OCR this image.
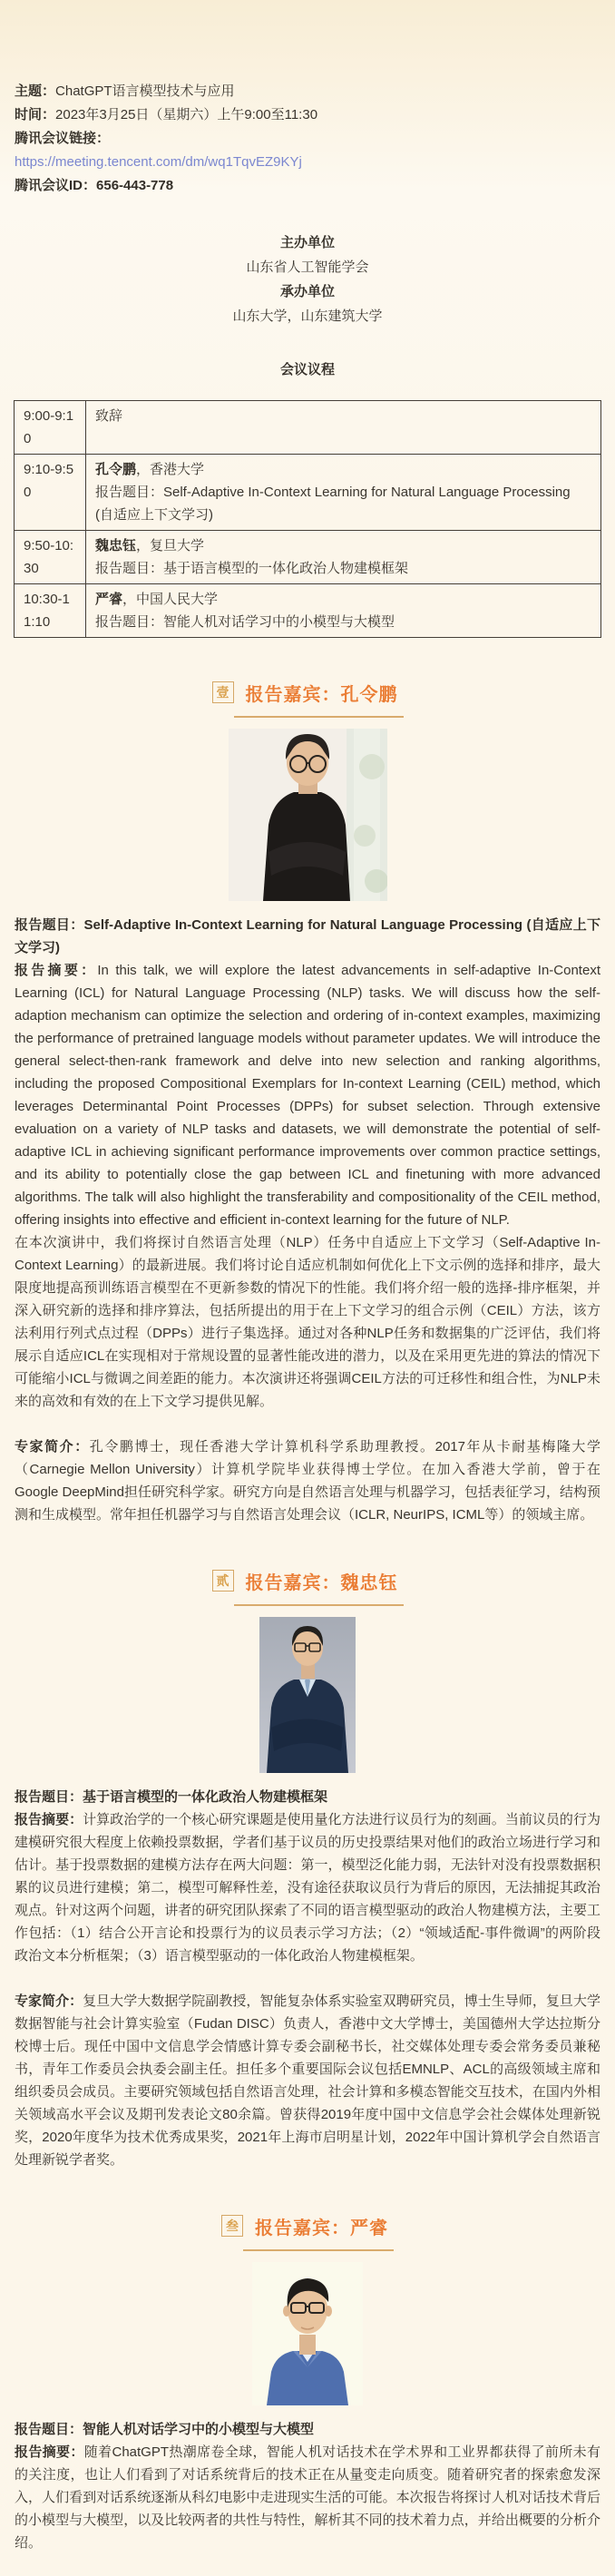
主题：ChatGPT语言模型技术与应用

时间：2023年3月25日（星期六）上午9:00至11:30

腾讯会议链接：

https://meeting.tencent.com/dm/wq1TqvEZ9KYj

腾讯会议ID：656-443-778

主办单位

山东省人工智能学会

承办单位

山东大学，山东建筑大学

会议议程
9:00-9:10	致辞
9:10-9:50	孔令鹏，香港大学
报告题目：Self-Adaptive In-Context Learning for Natural Language Processing (自适应上下文学习)

9:50-10:30	魏忠钰，复旦大学
报告题目：基于语言模型的一体化政治人物建模框架

10:30-11:10	严睿，中国人民大学
报告题目：智能人机对话学习中的小模型与大模型
壹 报告嘉宾：孔令鹏

报告题目：Self-Adaptive In-Context Learning for Natural Language Processing (自适应上下文学习)

报告摘要：In this talk, we will explore the latest advancements in self-adaptive In-Context Learning (ICL) for Natural Language Processing (NLP) tasks. We will discuss how the self-adaption mechanism can optimize the selection and ordering of in-context examples, maximizing the performance of pretrained language models without parameter updates. We will introduce the general select-then-rank framework and delve into new selection and ranking algorithms, including the proposed Compositional Exemplars for In-context Learning (CEIL) method, which leverages Determinantal Point Processes (DPPs) for subset selection. Through extensive evaluation on a variety of NLP tasks and datasets, we will demonstrate the potential of self-adaptive ICL in achieving significant performance improvements over common practice settings, and its ability to potentially close the gap between ICL and finetuning with more advanced algorithms. The talk will also highlight the transferability and compositionality of the CEIL method, offering insights into effective and efficient in-context learning for the future of NLP.

在本次演讲中，我们将探讨自然语言处理（NLP）任务中自适应上下文学习（Self-Adaptive In-Context Learning）的最新进展。我们将讨论自适应机制如何优化上下文示例的选择和排序，最大限度地提高预训练语言模型在不更新参数的情况下的性能。我们将介绍一般的选择-排序框架，并深入研究新的选择和排序算法，包括所提出的用于在上下文学习的组合示例（CEIL）方法，该方法利用行列式点过程（DPPs）进行子集选择。通过对各种NLP任务和数据集的广泛评估，我们将展示自适应ICL在实现相对于常规设置的显著性能改进的潜力，以及在采用更先进的算法的情况下可能缩小ICL与微调之间差距的能力。本次演讲还将强调CEIL方法的可迁移性和组合性，为NLP未来的高效和有效的在上下文学习提供见解。

专家简介：孔令鹏博士，现任香港大学计算机科学系助理教授。2017年从卡耐基梅隆大学（Carnegie Mellon University）计算机学院毕业获得博士学位。在加入香港大学前，曾于在Google DeepMind担任研究科学家。研究方向是自然语言处理与机器学习，包括表征学习，结构预测和生成模型。常年担任机器学习与自然语言处理会议（ICLR, NeurIPS, ICML等）的领域主席。

贰 报告嘉宾：魏忠钰

报告题目：基于语言模型的一体化政治人物建模框架

报告摘要：计算政治学的一个核心研究课题是使用量化方法进行议员行为的刻画。当前议员的行为建模研究很大程度上依赖投票数据，学者们基于议员的历史投票结果对他们的政治立场进行学习和估计。基于投票数据的建模方法存在两大问题：第一，模型泛化能力弱，无法针对没有投票数据积累的议员进行建模；第二，模型可解释性差，没有途径获取议员行为背后的原因，无法捕捉其政治观点。针对这两个问题，讲者的研究团队探索了不同的语言模型驱动的政治人物建模方法，主要工作包括：（1）结合公开言论和投票行为的议员表示学习方法；（2）“领域适配-事件微调”的两阶段政治文本分析框架；（3）语言模型驱动的一体化政治人物建模框架。

专家简介：复旦大学大数据学院副教授，智能复杂体系实验室双聘研究员，博士生导师，复旦大学数据智能与社会计算实验室（Fudan DISC）负责人，香港中文大学博士，美国德州大学达拉斯分校博士后。现任中国中文信息学会情感计算专委会副秘书长，社交媒体处理专委会常务委员兼秘书，青年工作委员会执委会副主任。担任多个重要国际会议包括EMNLP、ACL的高级领域主席和组织委员会成员。主要研究领域包括自然语言处理，社会计算和多模态智能交互技术，在国内外相关领域高水平会议及期刊发表论文80余篇。曾获得2019年度中国中文信息学会社会媒体处理新锐奖，2020年度华为技术优秀成果奖，2021年上海市启明星计划，2022年中国计算机学会自然语言处理新锐学者奖。

叁 报告嘉宾：严睿

报告题目：智能人机对话学习中的小模型与大模型

报告摘要：随着ChatGPT热潮席卷全球，智能人机对话技术在学术界和工业界都获得了前所未有的关注度，也让人们看到了对话系统背后的技术正在从量变走向质变。随着研究者的探索愈发深入，人们看到对话系统逐渐从科幻电影中走进现实生活的可能。本次报告将探讨人机对话技术背后的小模型与大模型，以及比较两者的共性与特性，解析其不同的技术着力点，并给出概要的分析介绍。
